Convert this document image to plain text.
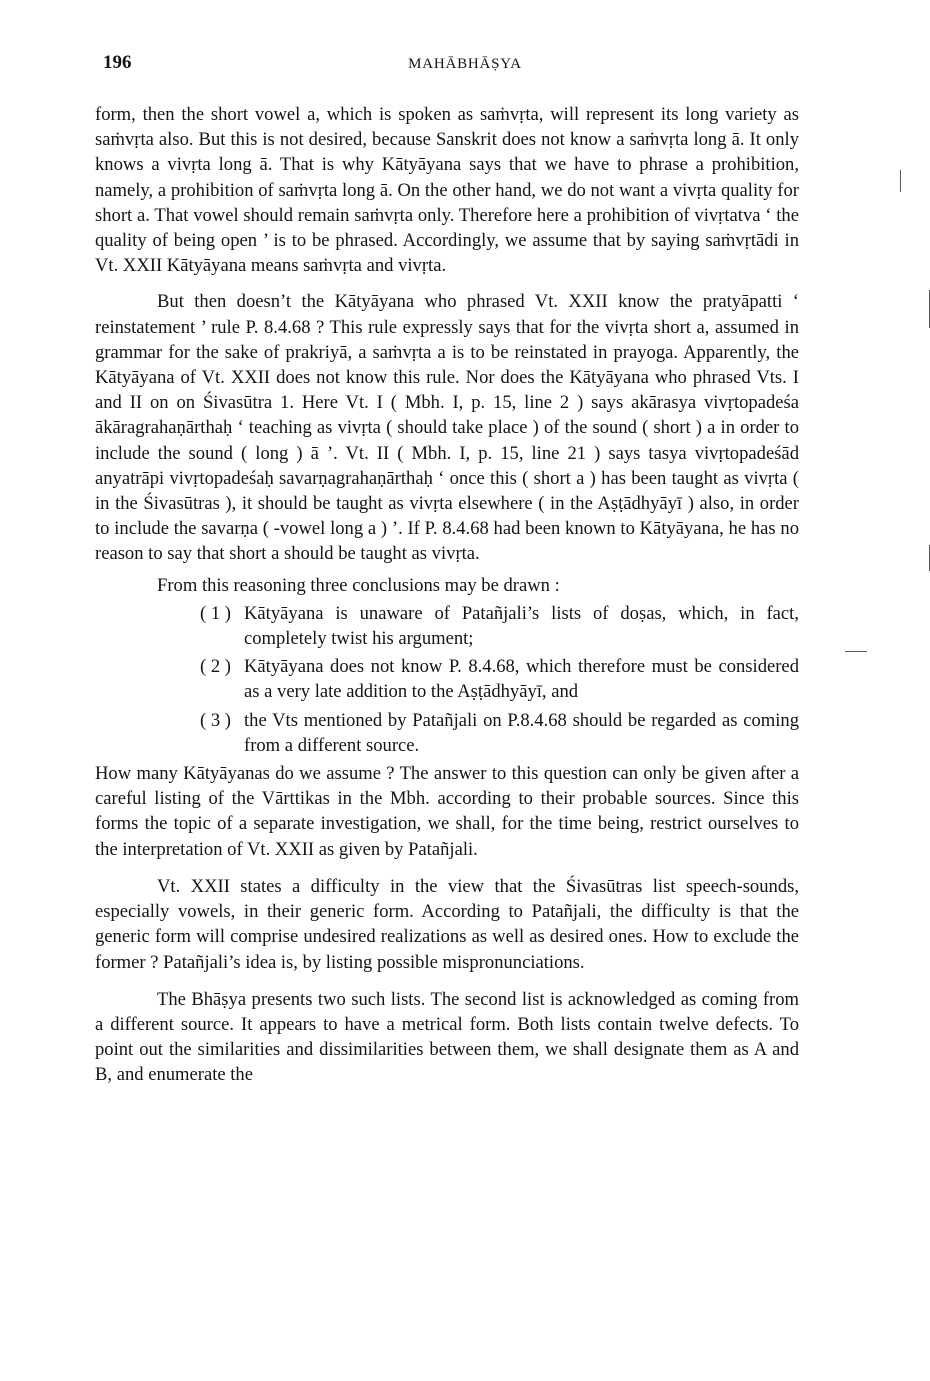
196	MAHĀBHĀṢYA

form, then the short vowel a, which is spoken as saṁvṛta, will represent its long variety as saṁvṛta also. But this is not desired, because Sanskrit does not know a saṁvṛta long ā. It only knows a vivṛta long ā. That is why Kātyāyana says that we have to phrase a prohibition, namely, a prohibition of saṁvṛta long ā. On the other hand, we do not want a vivṛta quality for short a. That vowel should remain saṁvṛta only. Therefore here a prohibition of vivṛtatva ‘ the quality of being open ’ is to be phrased. Accordingly, we assume that by saying saṁvṛtādi in Vt. XXII Kātyāyana means saṁvṛta and vivṛta.

But then doesn’t the Kātyāyana who phrased Vt. XXII know the pratyāpatti ‘ reinstatement ’ rule P. 8.4.68 ? This rule expressly says that for the vivṛta short a, assumed in grammar for the sake of prakriyā, a saṁvṛta a is to be reinstated in prayoga. Apparently, the Kātyāyana of Vt. XXII does not know this rule. Nor does the Kātyāyana who phrased Vts. I and II on on Śivasūtra 1. Here Vt. I ( Mbh. I, p. 15, line 2 ) says akārasya vivṛtopadeśa ākāragrahaṇārthaḥ ‘ teaching as vivṛta ( should take place ) of the sound ( short ) a in order to include the sound ( long ) ā ’. Vt. II ( Mbh. I, p. 15, line 21 ) says tasya vivṛtopadeśād anyatrāpi vivṛtopadeśaḥ savarṇagrahaṇārthaḥ ‘ once this ( short a ) has been taught as vivṛta ( in the Śivasūtras ), it should be taught as vivṛta elsewhere ( in the Aṣṭādhyāyī ) also, in order to include the savarṇa ( -vowel long a ) ’. If P. 8.4.68 had been known to Kātyāyana, he has no reason to say that short a should be taught as vivṛta.

From this reasoning three conclusions may be drawn :

( 1 ) Kātyāyana is unaware of Patañjali’s lists of doṣas, which, in fact, completely twist his argument;
( 2 ) Kātyāyana does not know P. 8.4.68, which therefore must be considered as a very late addition to the Aṣṭādhyāyī, and
( 3 ) the Vts mentioned by Patañjali on P.8.4.68 should be regarded as coming from a different source.

How many Kātyāyanas do we assume ? The answer to this question can only be given after a careful listing of the Vārttikas in the Mbh. according to their probable sources. Since this forms the topic of a separate investigation, we shall, for the time being, restrict ourselves to the interpretation of Vt. XXII as given by Patañjali.

Vt. XXII states a difficulty in the view that the Śivasūtras list speech-sounds, especially vowels, in their generic form. According to Patañjali, the difficulty is that the generic form will comprise undesired realizations as well as desired ones. How to exclude the former ? Patañjali’s idea is, by listing possible mispronunciations.

The Bhāṣya presents two such lists. The second list is acknowledged as coming from a different source. It appears to have a metrical form. Both lists contain twelve defects. To point out the similarities and dissimilarities between them, we shall designate them as A and B, and enumerate the
